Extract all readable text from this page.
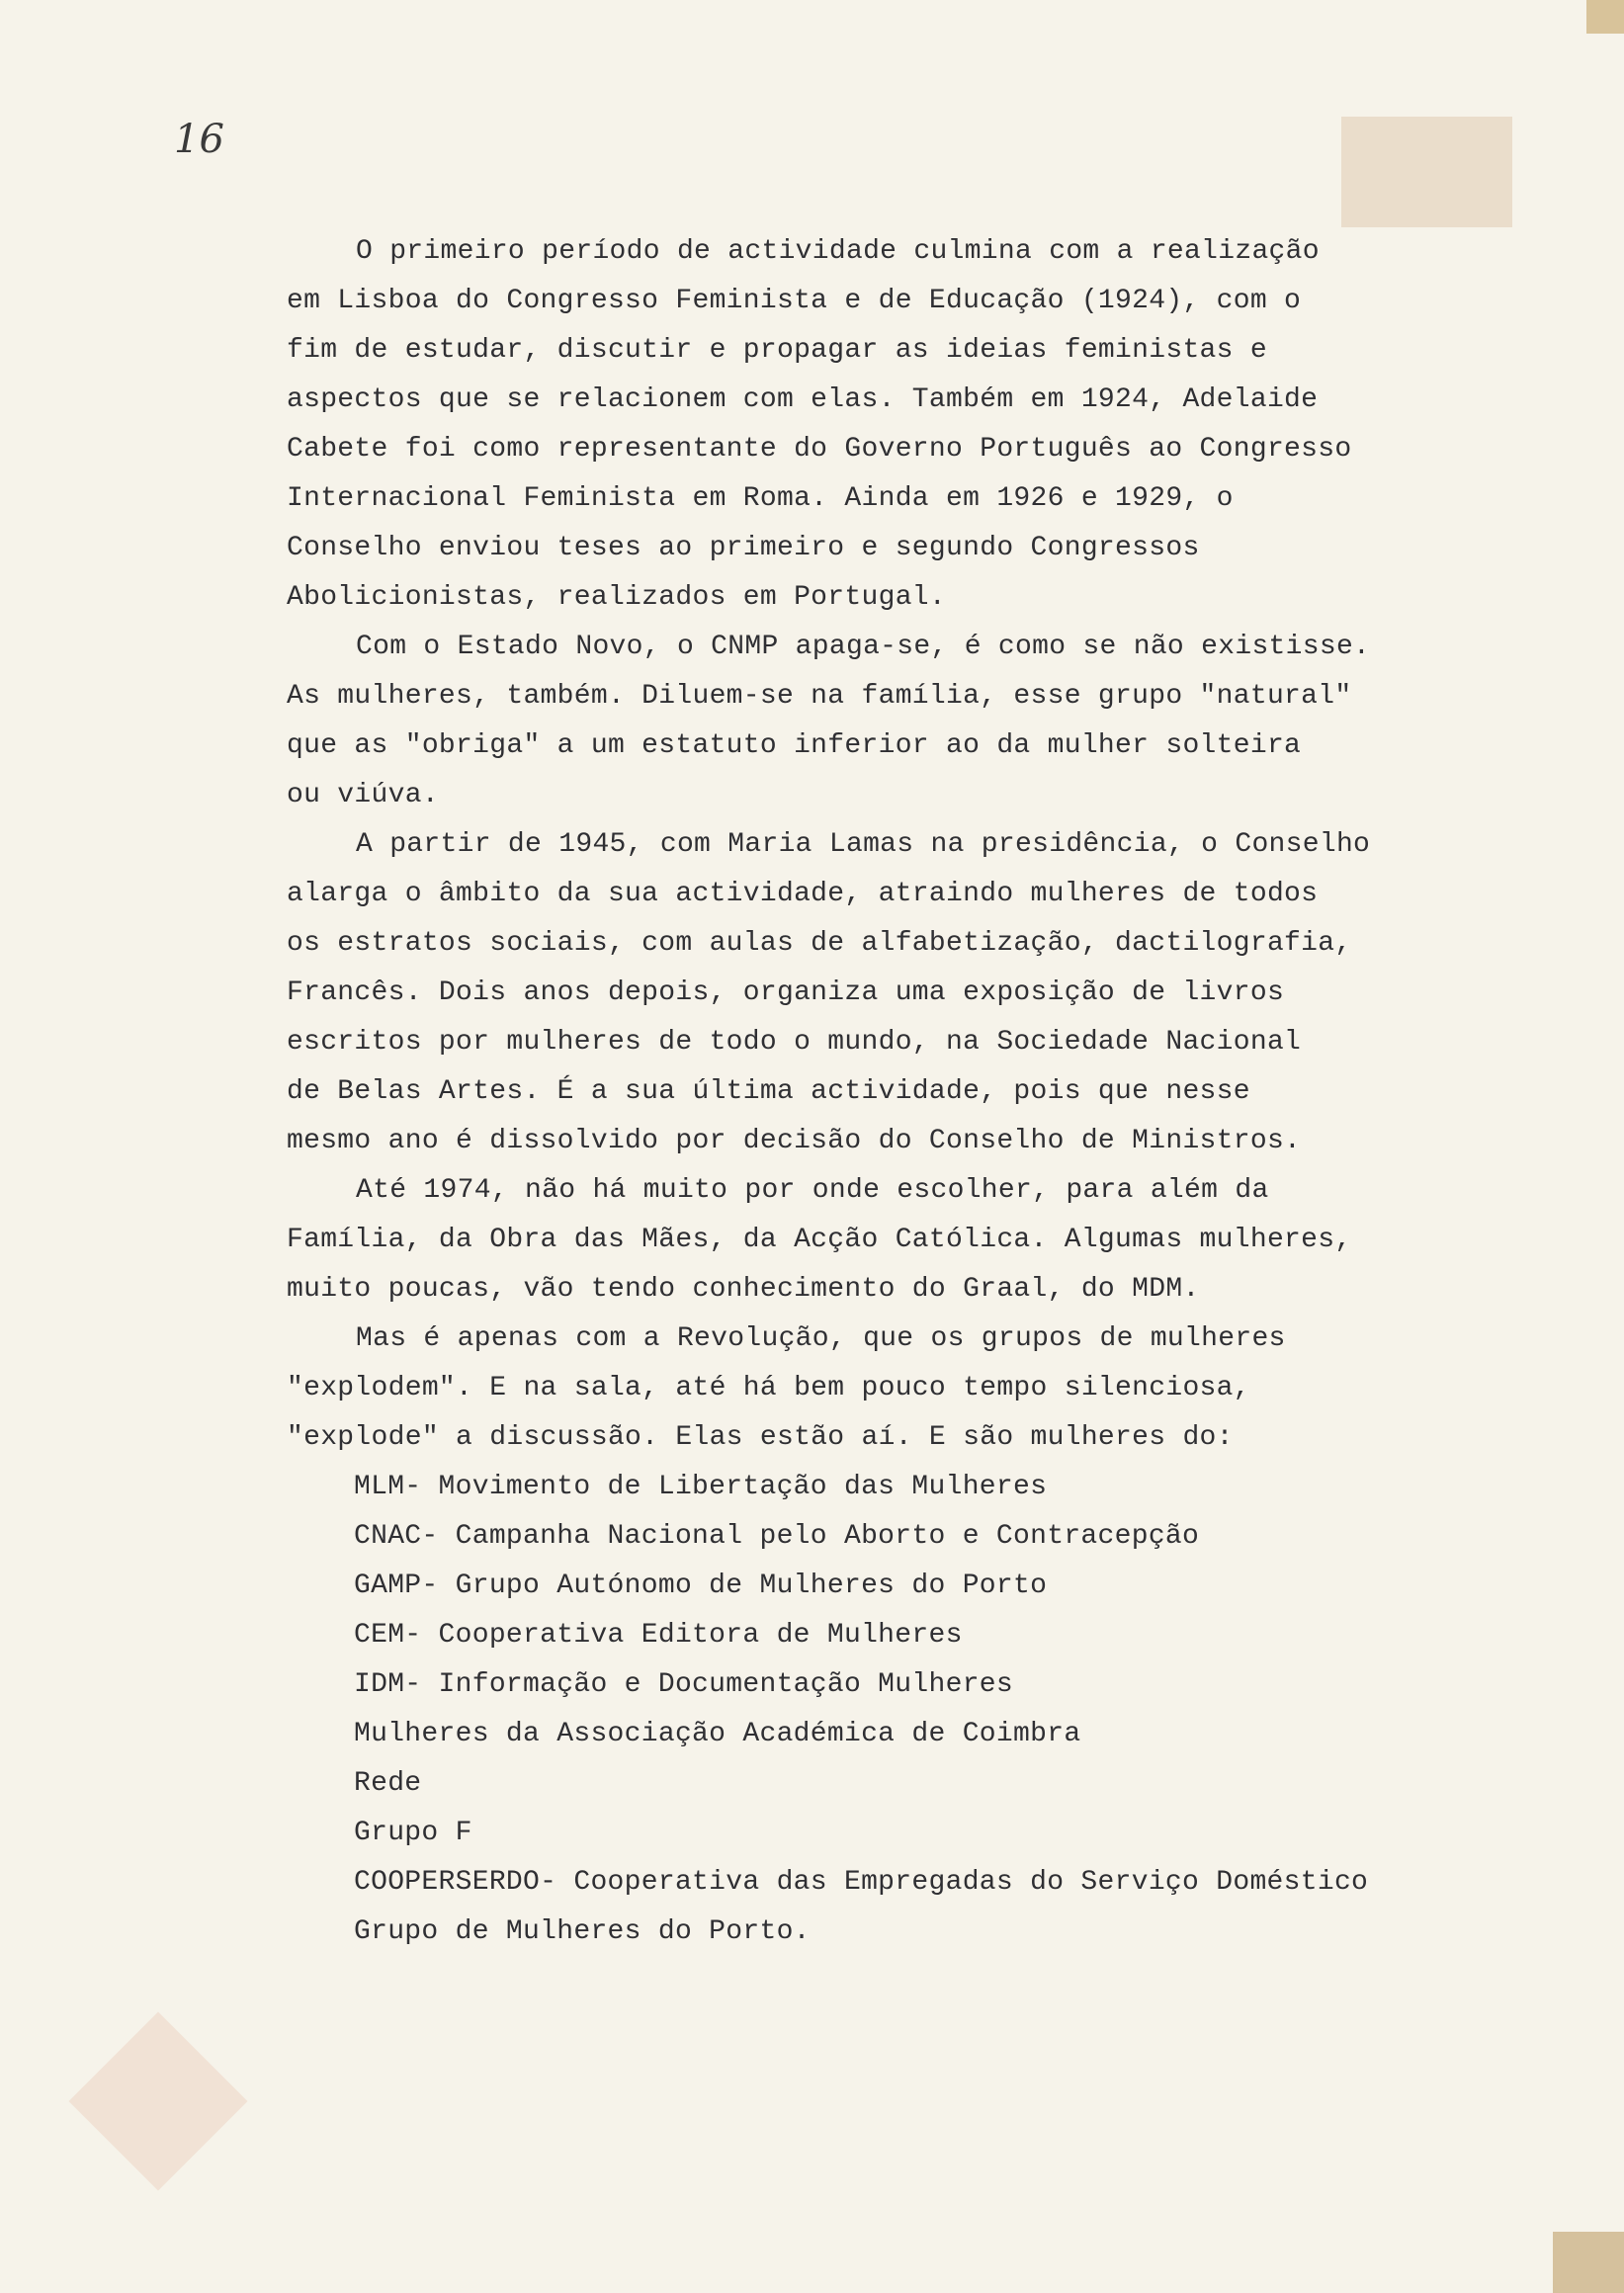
16
O primeiro período de actividade culmina com a realização
em Lisboa do Congresso Feminista e de Educação (1924), com o
fim de estudar, discutir e propagar as ideias feministas e
aspectos que se relacionem com elas. Também em 1924, Adelaide
Cabete foi como representante do Governo Português ao Congresso
Internacional Feminista em Roma. Ainda em 1926 e 1929, o
Conselho enviou teses ao primeiro e segundo Congressos
Abolicionistas, realizados em Portugal.
Com o Estado Novo, o CNMP apaga-se, é como se não existisse.
As mulheres, também. Diluem-se na família, esse grupo "natural"
que as "obriga" a um estatuto inferior ao da mulher solteira
ou viúva.
A partir de 1945, com Maria Lamas na presidência, o Conselho
alarga o âmbito da sua actividade, atraindo mulheres de todos
os estratos sociais, com aulas de alfabetização, dactilografia,
Francês. Dois anos depois, organiza uma exposição de livros
escritos por mulheres de todo o mundo, na Sociedade Nacional
de Belas Artes. É a sua última actividade, pois que nesse
mesmo ano é dissolvido por decisão do Conselho de Ministros.
Até 1974, não há muito por onde escolher, para além da
Família, da Obra das Mães, da Acção Católica. Algumas mulheres,
muito poucas, vão tendo conhecimento do Graal, do MDM.
Mas é apenas com a Revolução, que os grupos de mulheres
"explodem". E na sala, até há bem pouco tempo silenciosa,
"explode" a discussão. Elas estão aí. E são mulheres do:
MLM- Movimento de Libertação das Mulheres
CNAC- Campanha Nacional pelo Aborto e Contracepção
GAMP- Grupo Autónomo de Mulheres do Porto
CEM- Cooperativa Editora de Mulheres
IDM- Informação e Documentação Mulheres
Mulheres da Associação Académica de Coimbra
Rede
Grupo F
COOPERSERDO- Cooperativa das Empregadas do Serviço Doméstico
Grupo de Mulheres do Porto.
